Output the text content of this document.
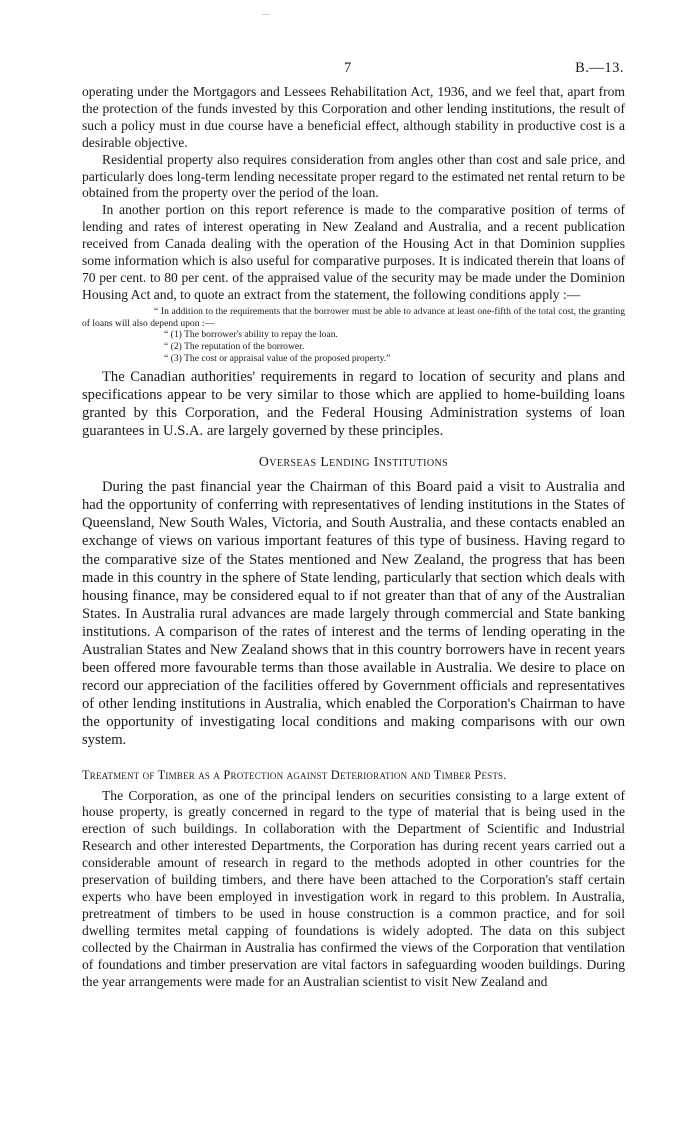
7	B.—13.

operating under the Mortgagors and Lessees Rehabilitation Act, 1936, and we feel that, apart from the protection of the funds invested by this Corporation and other lending institutions, the result of such a policy must in due course have a beneficial effect, although stability in productive cost is a desirable objective.

Residential property also requires consideration from angles other than cost and sale price, and particularly does long-term lending necessitate proper regard to the estimated net rental return to be obtained from the property over the period of the loan.

In another portion on this report reference is made to the comparative position of terms of lending and rates of interest operating in New Zealand and Australia, and a recent publication received from Canada dealing with the operation of the Housing Act in that Dominion supplies some information which is also useful for comparative purposes. It is indicated therein that loans of 70 per cent. to 80 per cent. of the appraised value of the security may be made under the Dominion Housing Act and, to quote an extract from the statement, the following conditions apply :—

“ In addition to the requirements that the borrower must be able to advance at least one-fifth of the total cost, the granting of loans will also depend upon :—

“ (1) The borrower's ability to repay the loan.

“ (2) The reputation of the borrower.

“ (3) The cost or appraisal value of the proposed property.”

The Canadian authorities' requirements in regard to location of security and plans and specifications appear to be very similar to those which are applied to home-building loans granted by this Corporation, and the Federal Housing Administration systems of loan guarantees in U.S.A. are largely governed by these principles.

Overseas Lending Institutions

During the past financial year the Chairman of this Board paid a visit to Australia and had the opportunity of conferring with representatives of lending institutions in the States of Queensland, New South Wales, Victoria, and South Australia, and these contacts enabled an exchange of views on various important features of this type of business. Having regard to the comparative size of the States mentioned and New Zealand, the progress that has been made in this country in the sphere of State lending, particularly that section which deals with housing finance, may be considered equal to if not greater than that of any of the Australian States. In Australia rural advances are made largely through commercial and State banking institutions. A comparison of the rates of interest and the terms of lending operating in the Australian States and New Zealand shows that in this country borrowers have in recent years been offered more favourable terms than those available in Australia. We desire to place on record our appreciation of the facilities offered by Government officials and representatives of other lending institutions in Australia, which enabled the Corporation's Chairman to have the opportunity of investigating local conditions and making comparisons with our own system.

Treatment of Timber as a Protection against Deterioration and Timber Pests.

The Corporation, as one of the principal lenders on securities consisting to a large extent of house property, is greatly concerned in regard to the type of material that is being used in the erection of such buildings. In collaboration with the Department of Scientific and Industrial Research and other interested Departments, the Corporation has during recent years carried out a considerable amount of research in regard to the methods adopted in other countries for the preservation of building timbers, and there have been attached to the Corporation's staff certain experts who have been employed in investigation work in regard to this problem. In Australia, pretreatment of timbers to be used in house construction is a common practice, and for soil dwelling termites metal capping of foundations is widely adopted. The data on this subject collected by the Chairman in Australia has confirmed the views of the Corporation that ventilation of foundations and timber preservation are vital factors in safeguarding wooden buildings. During the year arrangements were made for an Australian scientist to visit New Zealand and
